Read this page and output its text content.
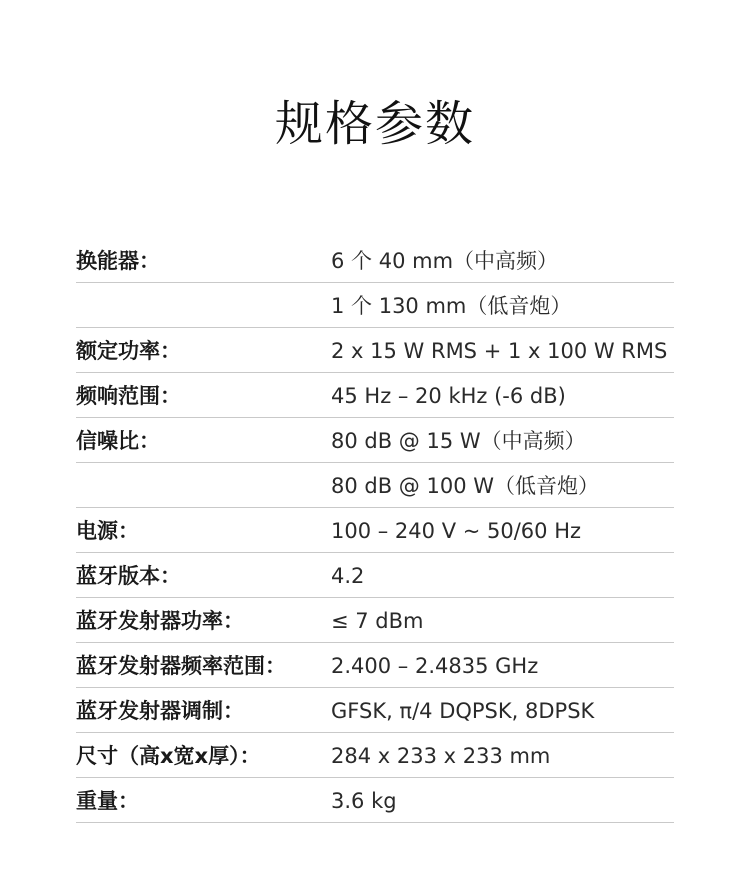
规格参数
换能器：	6 个 40 mm（中高频）
1 个 130 mm（低音炮）
额定功率：	2 x 15 W RMS + 1 x 100 W RMS
频响范围：	45 Hz – 20 kHz (-6 dB)
信噪比：	80 dB @ 15 W（中高频）
80 dB @ 100 W（低音炮）
电源：	100 – 240 V ~ 50/60 Hz
蓝牙版本：	4.2
蓝牙发射器功率：	≤ 7 dBm
蓝牙发射器频率范围： 2.400 – 2.4835 GHz
蓝牙发射器调制：	GFSK, π/4 DQPSK, 8DPSK
尺寸（高x宽x厚）：	284 x 233 x 233 mm
重量：	3.6 kg
